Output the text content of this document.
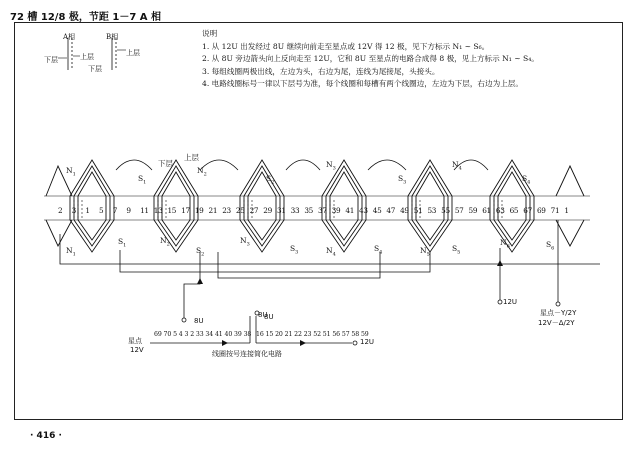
72 槽 12/8 极，节距 1－7 A 相
A相	B相
下层	上层
下层
上层
说明

1. 从 12U 出发经过 8U 继续向前走至星点或 12V 得 12 极，见下方标示 N₁ ~ S₆。

2. 从 8U 旁边箭头向上反向走至 12U，它和 8U 至星点的电路合成得 8 极，见上方标示 N₁ ~ S₄。

3. 每组线圈两极出线，左边为头，右边为尾，连线为尾接尾，头接头。

4. 电路线圈标号一律以下层号为准，每个线圈和每槽有两个线圈边，左边为下层，右边为上层。

2 3 1 5 7 9 11 13 15 17 19 21 23 25 27 29 31 33 35 37 39 41 43 45 47 49 51 53 55 57 59 61 63 65 67 69 71 1
下层
上层
$N_1$	$S_1$
$N_2$	$S_2$
$N_3$
$S_3$
$N_4$
$S_4$
$N_1$
$S_1$
$N_2$
$S_2$
$N_3$	$S_3$	$N_4$
$S_4$	$N_5$
$S_5$
$N_6$	$S_6$
8U
8U
12U
星点－Y/2Y
12V－Δ/2Y
星点
12V
69 70 5 4 3 2 33 34 41 40 39 38 16 15 20 21 22 23 52 51 56 57 58 59
8U
12U
线圈按号连接简化电路
· 416 ·
